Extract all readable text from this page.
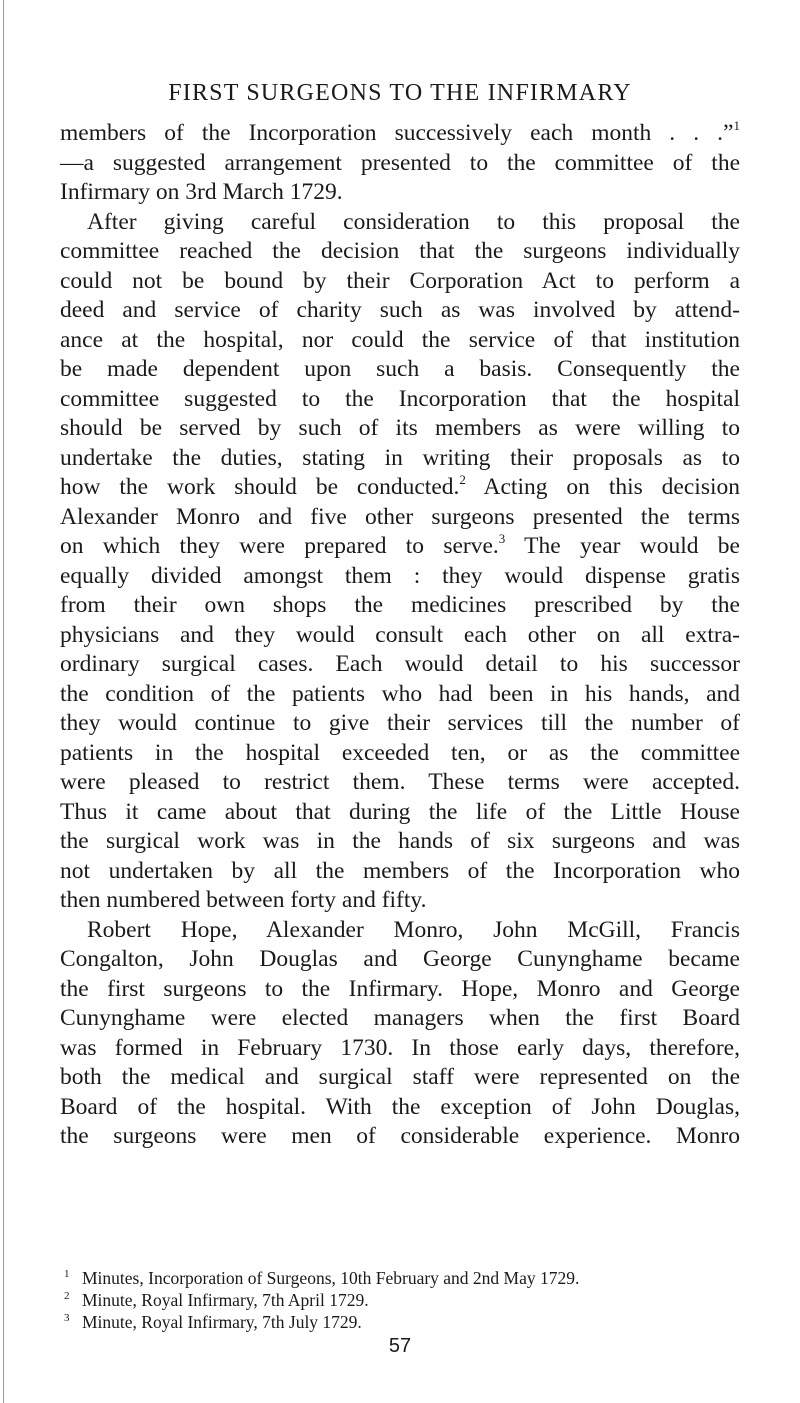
FIRST SURGEONS TO THE INFIRMARY
members of the Incorporation successively each month . . .”$^1$
—a suggested arrangement presented to the committee of the
Infirmary on 3rd March 1729.
After giving careful consideration to this proposal the
committee reached the decision that the surgeons individually
could not be bound by their Corporation Act to perform a
deed and service of charity such as was involved by attend-
ance at the hospital, nor could the service of that institution
be made dependent upon such a basis. Consequently the
committee suggested to the Incorporation that the hospital
should be served by such of its members as were willing to
undertake the duties, stating in writing their proposals as to
how the work should be conducted.$^2$ Acting on this decision
Alexander Monro and five other surgeons presented the terms
on which they were prepared to serve.$^3$ The year would be
equally divided amongst them : they would dispense gratis
from their own shops the medicines prescribed by the
physicians and they would consult each other on all extra-
ordinary surgical cases. Each would detail to his successor
the condition of the patients who had been in his hands, and
they would continue to give their services till the number of
patients in the hospital exceeded ten, or as the committee
were pleased to restrict them. These terms were accepted.
Thus it came about that during the life of the Little House
the surgical work was in the hands of six surgeons and was
not undertaken by all the members of the Incorporation who
then numbered between forty and fifty.
Robert Hope, Alexander Monro, John McGill, Francis
Congalton, John Douglas and George Cunynghame became
the first surgeons to the Infirmary. Hope, Monro and George
Cunynghame were elected managers when the first Board
was formed in February 1730. In those early days, therefore,
both the medical and surgical staff were represented on the
Board of the hospital. With the exception of John Douglas,
the surgeons were men of considerable experience. Monro
1 Minutes, Incorporation of Surgeons, 10th February and 2nd May 1729.
2 Minute, Royal Infirmary, 7th April 1729.
3 Minute, Royal Infirmary, 7th July 1729.
57
